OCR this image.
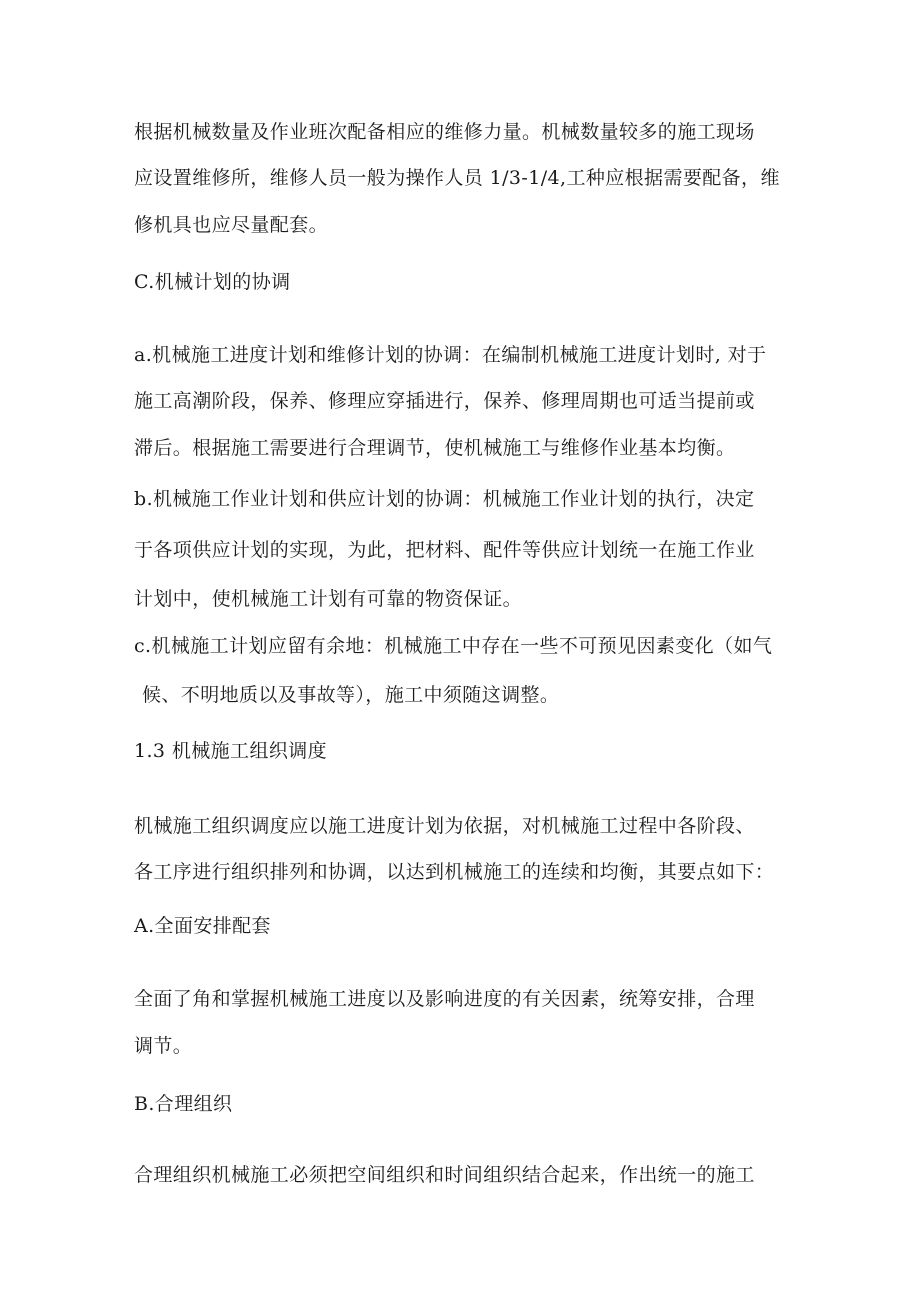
根据机械数量及作业班次配备相应的维修力量。机械数量较多的施工现场
应设置维修所，维修人员一般为操作人员 1/3-1/4,工种应根据需要配备，维
修机具也应尽量配套。
C.机械计划的协调
a.机械施工进度计划和维修计划的协调：在编制机械施工进度计划时, 对于
施工高潮阶段，保养、修理应穿插进行，保养、修理周期也可适当提前或
滞后。根据施工需要进行合理调节，使机械施工与维修作业基本均衡。
b.机械施工作业计划和供应计划的协调：机械施工作业计划的执行，决定
于各项供应计划的实现，为此，把材料、配件等供应计划统一在施工作业
计划中，使机械施工计划有可靠的物资保证。
c.机械施工计划应留有余地：机械施工中存在一些不可预见因素变化（如气
候、不明地质以及事故等），施工中须随这调整。
1.3 机械施工组织调度
机械施工组织调度应以施工进度计划为依据，对机械施工过程中各阶段、
各工序进行组织排列和协调，以达到机械施工的连续和均衡，其要点如下：
A.全面安排配套
全面了角和掌握机械施工进度以及影响进度的有关因素，统筹安排，合理
调节。
B.合理组织
合理组织机械施工必须把空间组织和时间组织结合起来，作出统一的施工
